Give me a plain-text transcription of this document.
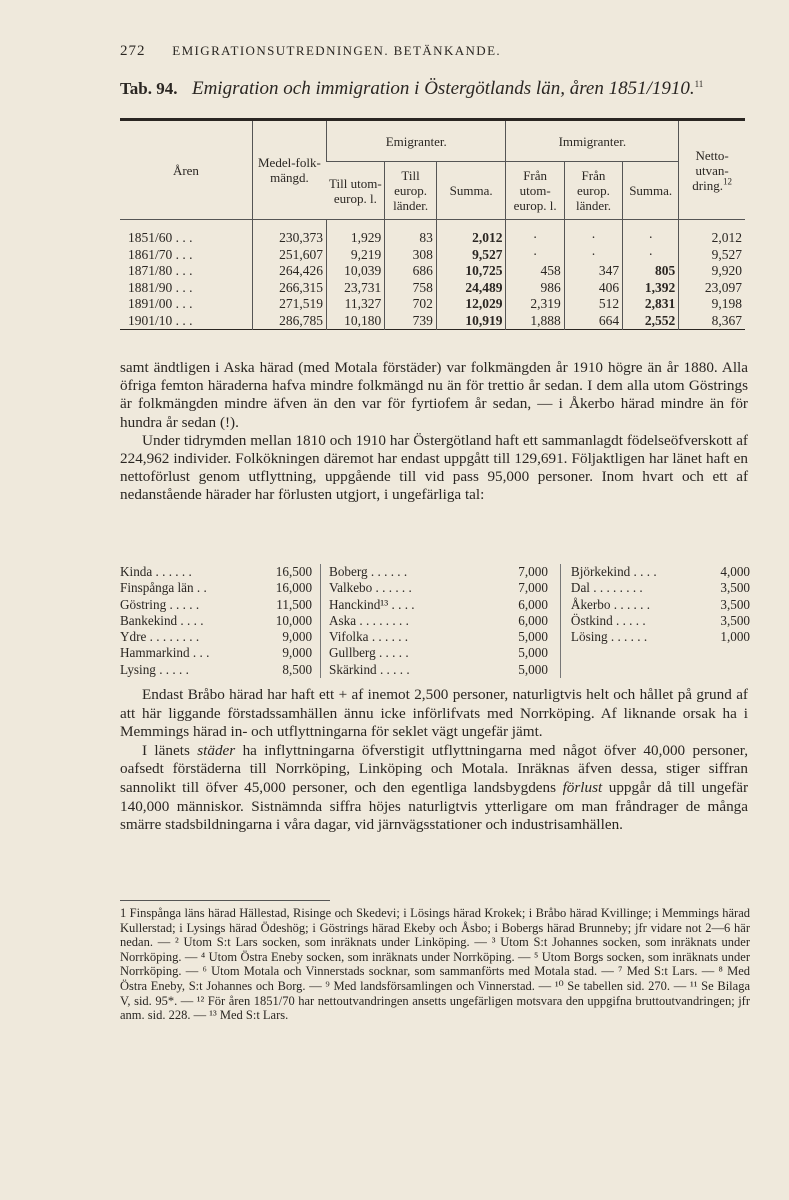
272 EMIGRATIONSUTREDNINGEN. BETÄNKANDE.
Tab. 94. Emigration och immigration i Östergötlands län, åren 1851/1910.11
Åren	Medel-folk-mängd.	Emigranter.			Immigranter.			Netto-utvan-dring.$^{12}$
		Till utom-europ. l.	Till europ. länder.	Summa.	Från utom-europ. l.	Från europ. länder.	Summa.	

1851/60 . . .	230,373	1,929	83	2,012	·	·	·	2,012
1861/70 . . .	251,607	9,219	308	9,527	·	·	·	9,527
1871/80 . . .	264,426	10,039	686	10,725	458	347	805	9,920
1881/90 . . .	266,315	23,731	758	24,489	986	406	1,392	23,097
1891/00 . . .	271,519	11,327	702	12,029	2,319	512	2,831	9,198
1901/10 . . .	286,785	10,180	739	10,919	1,888	664	2,552	8,367

samt ändtligen i Aska härad (med Motala förstäder) var folkmängden år 1910 högre än år 1880. Alla öfriga femton häraderna hafva mindre folkmängd nu än för trettio år sedan. I dem alla utom Göstrings är folkmängden mindre äfven än den var för fyrtiofem år sedan, — i Åkerbo härad mindre än för hundra år sedan (!).

Under tidrymden mellan 1810 och 1910 har Östergötland haft ett sammanlagdt födelseöfverskott af 224,962 individer. Folkökningen däremot har endast uppgått till 129,691. Följaktligen har länet haft en nettoförlust genom utflyttning, uppgående till vid pass 95,000 personer. Inom hvart och ett af nedanstående härader har förlusten utgjort, i ungefärliga tal:

Kinda . . . . . .	16,500
Finspånga län . .	16,000
Göstring . . . . .	11,500
Bankekind . . . .	10,000
Ydre . . . . . . . .	9,000
Hammarkind . . .	9,000
Lysing . . . . .	8,500
Boberg . . . . . .	7,000
Valkebo . . . . . .	7,000
Hanckind¹³ . . . .	6,000
Aska . . . . . . . .	6,000
Vifolka . . . . . .	5,000
Gullberg . . . . .	5,000
Skärkind . . . . .	5,000
Björkekind . . . .	4,000
Dal . . . . . . . .	3,500
Åkerbo . . . . . .	3,500
Östkind . . . . .	3,500
Lösing . . . . . .	1,000

Endast Bråbo härad har haft ett + af inemot 2,500 personer, naturligtvis helt och hållet på grund af att här liggande förstadssamhällen ännu icke införlifvats med Norrköping. Af liknande orsak ha i Memmings härad in- och utflyttningarna för seklet vägt ungefär jämt.

I länets städer ha inflyttningarna öfverstigit utflyttningarna med något öfver 40,000 personer, oafsedt förstäderna till Norrköping, Linköping och Motala. Inräknas äfven dessa, stiger siffran sannolikt till öfver 45,000 personer, och den egentliga landsbygdens förlust uppgår då till ungefär 140,000 människor. Sistnämnda siffra höjes naturligtvis ytterligare om man fråndrager de många smärre stadsbildningarna i våra dagar, vid järnvägsstationer och industrisamhällen.

1 Finspånga läns härad Hällestad, Risinge och Skedevi; i Lösings härad Krokek; i Bråbo härad Kvillinge; i Memmings härad Kullerstad; i Lysings härad Ödeshög; i Göstrings härad Ekeby och Åsbo; i Bobergs härad Brunneby; jfr vidare not 2—6 här nedan. — ² Utom S:t Lars socken, som inräknats under Linköping. — ³ Utom S:t Johannes socken, som inräknats under Norrköping. — ⁴ Utom Östra Eneby socken, som inräknats under Norrköping. — ⁵ Utom Borgs socken, som inräknats under Norrköping. — ⁶ Utom Motala och Vinnerstads socknar, som sammanförts med Motala stad. — ⁷ Med S:t Lars. — ⁸ Med Östra Eneby, S:t Johannes och Borg. — ⁹ Med landsförsamlingen och Vinnerstad. — ¹⁰ Se tabellen sid. 270. — ¹¹ Se Bilaga V, sid. 95*. — ¹² För åren 1851/70 har nettoutvandringen ansetts ungefärligen motsvara den uppgifna bruttoutvandringen; jfr anm. sid. 228. — ¹³ Med S:t Lars.
